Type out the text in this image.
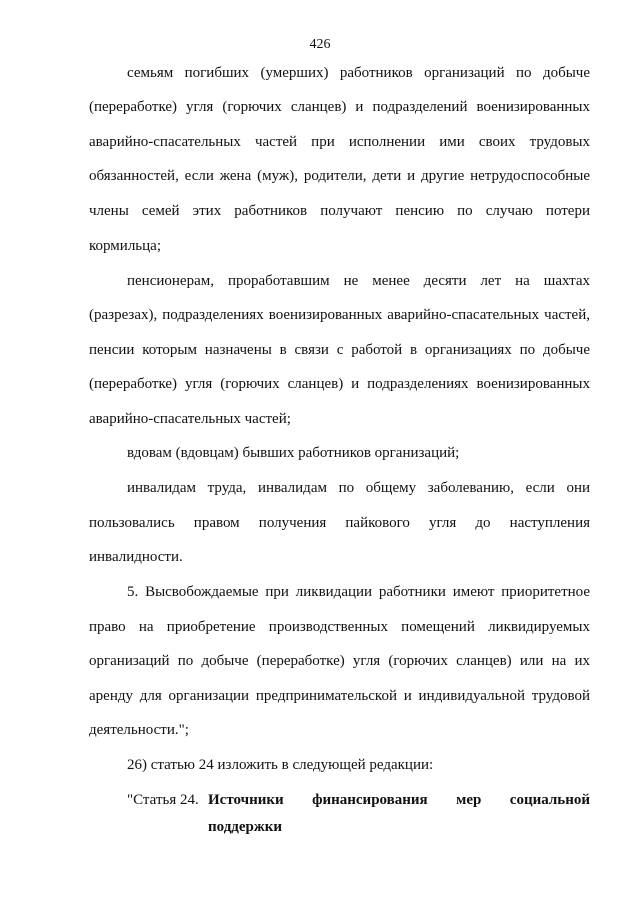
426

семьям погибших (умерших) работников организаций по добыче

(переработке) угля (горючих сланцев) и подразделений военизированных

аварийно-спасательных частей при исполнении ими своих трудовых

обязанностей, если жена (муж), родители, дети и другие нетрудоспособные

члены семей этих работников получают пенсию по случаю потери

кормильца;

пенсионерам, проработавшим не менее десяти лет на шахтах

(разрезах), подразделениях военизированных аварийно-спасательных частей,

пенсии которым назначены в связи с работой в организациях по добыче

(переработке) угля (горючих сланцев) и подразделениях военизированных

аварийно-спасательных частей;

вдовам (вдовцам) бывших работников организаций;

инвалидам труда, инвалидам по общему заболеванию, если они

пользовались правом получения пайкового угля до наступления

инвалидности.

5. Высвобождаемые при ликвидации работники имеют приоритетное

право на приобретение производственных помещений ликвидируемых

организаций по добыче (переработке) угля (горючих сланцев) или на их

аренду для организации предпринимательской и индивидуальной трудовой

деятельности.";

26) статью 24 изложить в следующей редакции:

"Статья 24. Источники финансирования мер социальной
поддержки
